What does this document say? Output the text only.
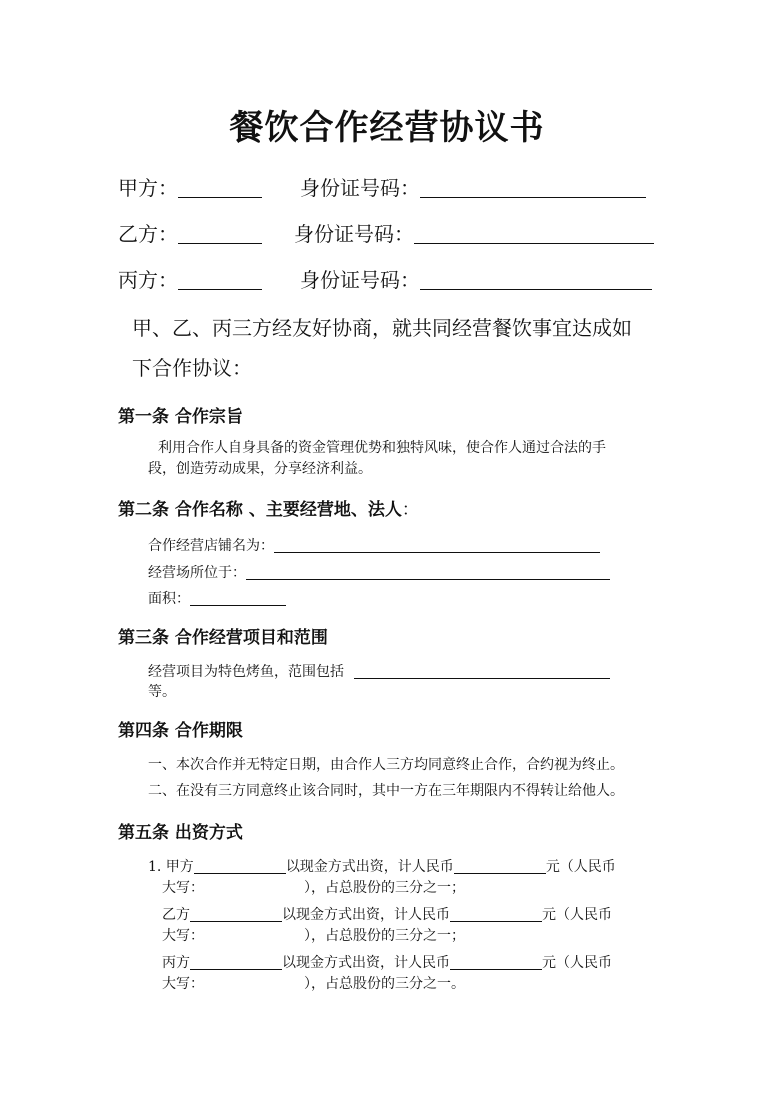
餐饮合作经营协议书
甲方：	身份证号码：
乙方：	身份证号码：
丙方：	身份证号码：
甲、乙、丙三方经友好协商，就共同经营餐饮事宜达成如
下合作协议：
第一条 合作宗旨
利用合作人自身具备的资金管理优势和独特风味，使合作人通过合法的手
段，创造劳动成果，分享经济利益。
第二条 合作名称 、主要经营地、法人：
合作经营店铺名为：
经营场所位于：
面积：
第三条 合作经营项目和范围
经营项目为特色烤鱼，范围包括
等。
第四条 合作期限
一、本次合作并无特定日期，由合作人三方均同意终止合作，合约视为终止。
二、在没有三方同意终止该合同时，其中一方在三年期限内不得转让给他人。
第五条 出资方式
1. 甲方	以现金方式出资，计人民币	元（人民币
大写：	），占总股份的三分之一；
乙方	以现金方式出资，计人民币	元（人民币
大写：	），占总股份的三分之一；
丙方	以现金方式出资，计人民币	元（人民币
大写：	），占总股份的三分之一。
